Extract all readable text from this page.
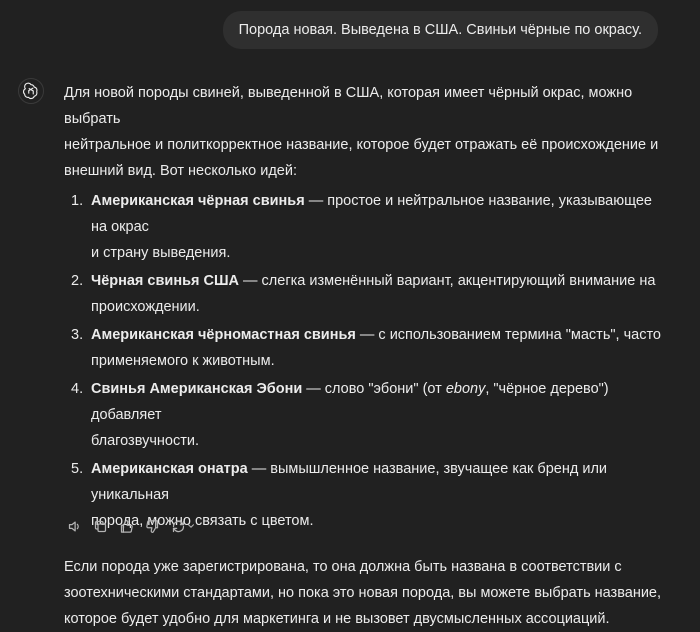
Порода новая. Выведена в США. Свиньи чёрные по окрасу.

Для новой породы свиней, выведенной в США, которая имеет чёрный окрас, можно выбрать
нейтральное и политкорректное название, которое будет отражать её происхождение и
внешний вид. Вот несколько идей:

1. Американская чёрная свинья — простое и нейтральное название, указывающее на окрас
и страну выведения.
2. Чёрная свинья США — слегка изменённый вариант, акцентирующий внимание на
происхождении.
3. Американская чёрномастная свинья — с использованием термина "масть", часто
применяемого к животным.
4. Свинья Американская Эбони — слово "эбони" (от ebony, "чёрное дерево") добавляет
благозвучности.
5. Американская онатра — вымышленное название, звучащее как бренд или уникальная
порода, можно связать с цветом.

Если порода уже зарегистрирована, то она должна быть названа в соответствии с
зоотехническими стандартами, но пока это новая порода, вы можете выбрать название,
которое будет удобно для маркетинга и не вызовет двусмысленных ассоциаций.
